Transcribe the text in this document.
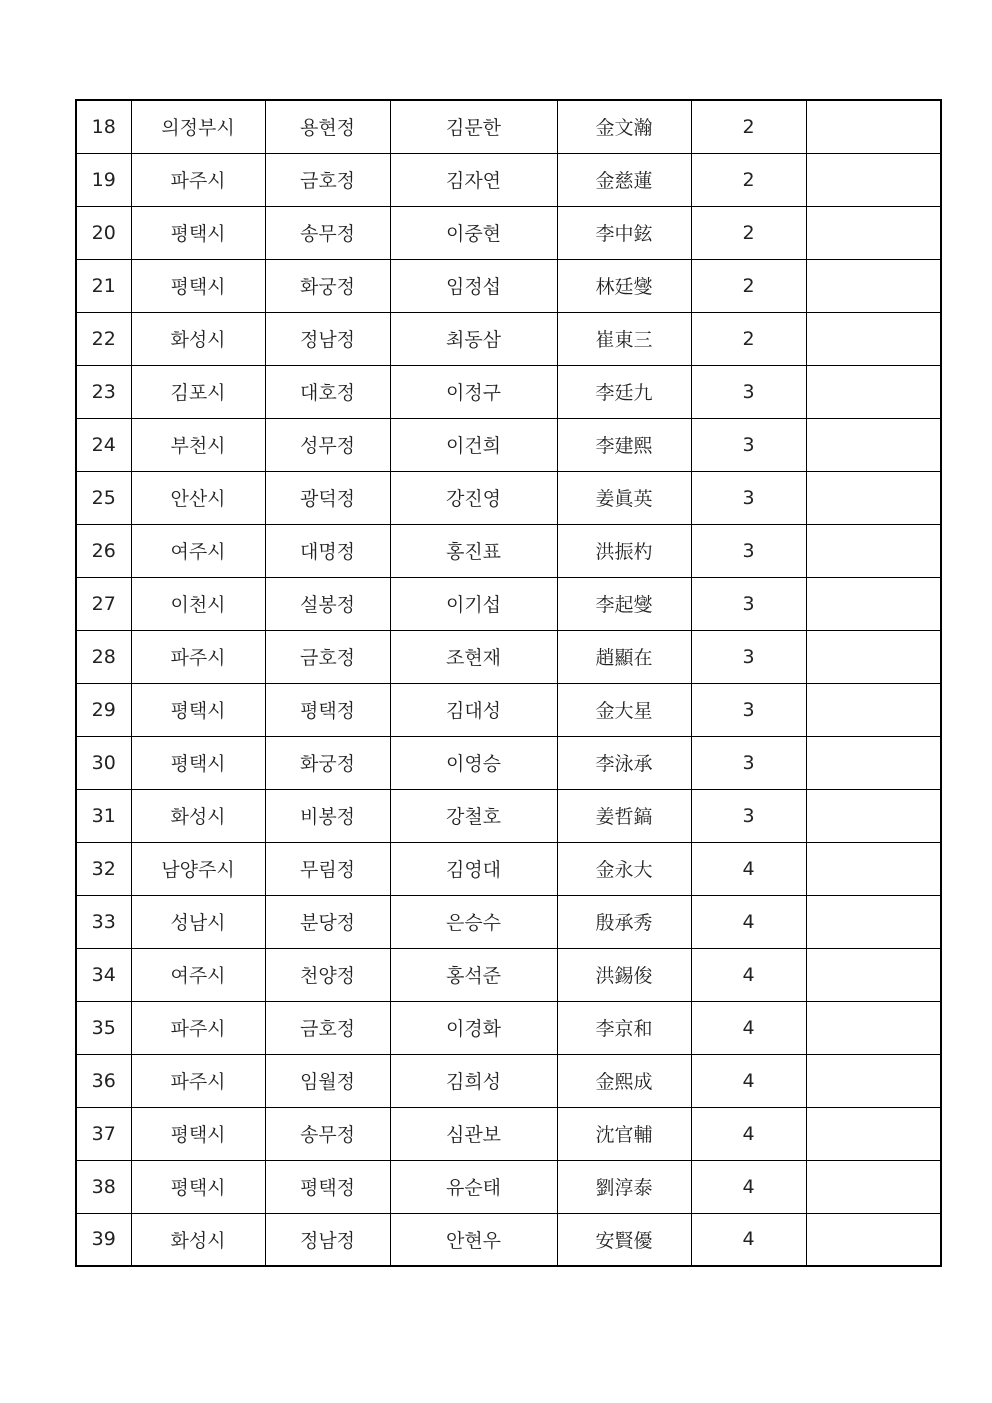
18	의정부시	용현정	김문한	金文瀚	2	
19	파주시	금호정	김자연	金慈蓮	2	
20	평택시	송무정	이중현	李中鉉	2	
21	평택시	화궁정	임정섭	林廷燮	2	
22	화성시	정남정	최동삼	崔東三	2	
23	김포시	대호정	이정구	李廷九	3	
24	부천시	성무정	이건희	李建熙	3	
25	안산시	광덕정	강진영	姜眞英	3	
26	여주시	대명정	홍진표	洪振杓	3	
27	이천시	설봉정	이기섭	李起燮	3	
28	파주시	금호정	조현재	趙顯在	3	
29	평택시	평택정	김대성	金大星	3	
30	평택시	화궁정	이영승	李泳承	3	
31	화성시	비봉정	강철호	姜哲鎬	3	
32	남양주시	무림정	김영대	金永大	4	
33	성남시	분당정	은승수	殷承秀	4	
34	여주시	천양정	홍석준	洪錫俊	4	
35	파주시	금호정	이경화	李京和	4	
36	파주시	임월정	김희성	金熙成	4	
37	평택시	송무정	심관보	沈官輔	4	
38	평택시	평택정	유순태	劉淳泰	4	
39	화성시	정남정	안현우	安賢優	4	
